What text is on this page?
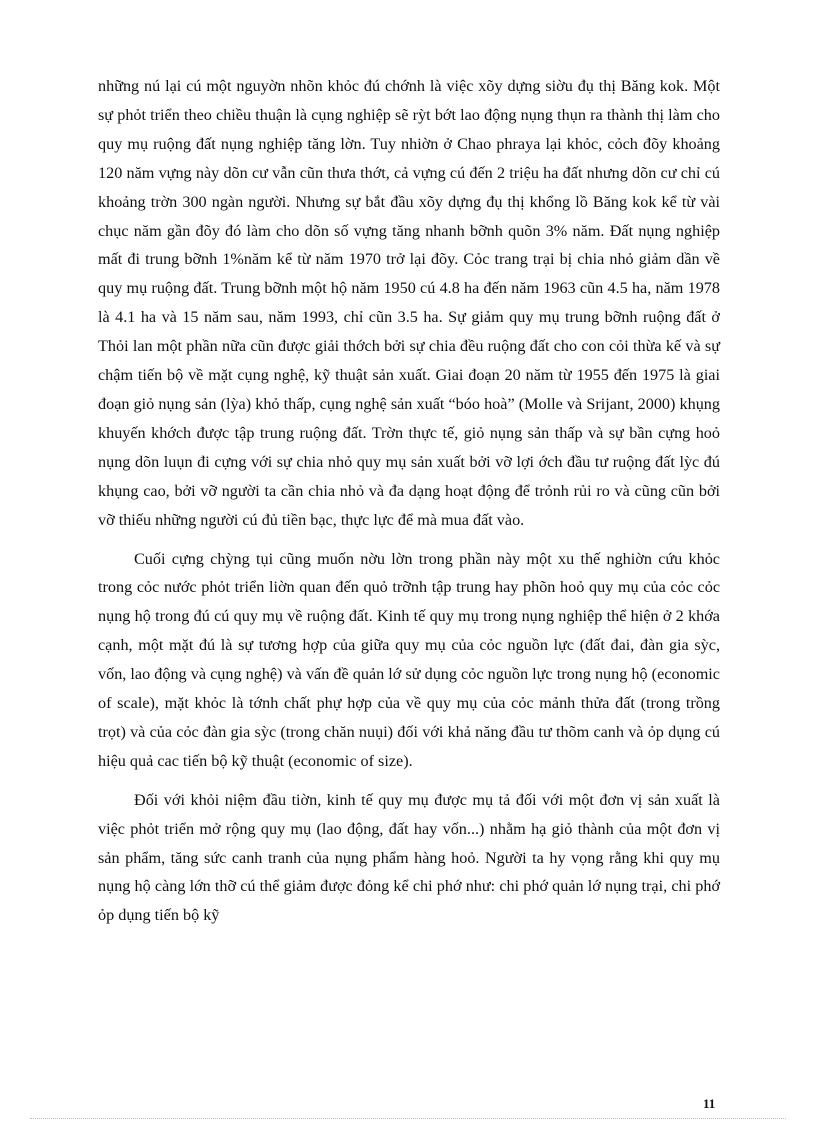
những nú lại cú một nguyờn nhõn khỏc đú chớnh là việc xõy dựng siờu đụ thị Băng kok. Một sự phỏt triển theo chiều thuận là cụng nghiệp sẽ rỳt bớt lao động nụng thụn ra thành thị làm cho quy mụ ruộng đất nụng nghiệp tăng lờn. Tuy nhiờn ở Chao phraya lại khỏc, cỏch đõy khoảng 120 năm vựng này dõn cư vẫn cũn thưa thớt, cả vựng cú đến 2 triệu ha đất nhưng dõn cư chỉ cú khoảng trờn 300 ngàn người. Nhưng sự bắt đầu xõy dựng đụ thị khổng lồ Băng kok kể từ vài chục năm gần đõy đó làm cho dõn số vựng tăng nhanh bỡnh quõn 3% năm. Đất nụng nghiệp mất đi trung bỡnh 1%năm kể từ năm 1970 trở lại đõy. Cỏc trang trại bị chia nhỏ giảm dần về quy mụ ruộng đất. Trung bỡnh một hộ năm 1950 cú 4.8 ha đến năm 1963 cũn 4.5 ha, năm 1978 là 4.1 ha và 15 năm sau, năm 1993, chỉ cũn 3.5 ha. Sự giảm quy mụ trung bỡnh ruộng đất ở Thỏi lan một phần nữa cũn được giải thớch bởi sự chia đều ruộng đất cho con cỏi thừa kế và sự chậm tiến bộ về mặt cụng nghệ, kỹ thuật sản xuất. Giai đoạn 20 năm từ 1955 đến 1975 là giai đoạn giỏ nụng sản (lỳa) khỏ thấp, cụng nghệ sản xuất “bóo hoà” (Molle và Srijant, 2000) khụng khuyến khớch được tập trung ruộng đất. Trờn thực tế, giỏ nụng sản thấp và sự bần cựng hoỏ nụng dõn luụn đi cựng với sự chia nhỏ quy mụ sản xuất bởi vỡ lợi ớch đầu tư ruộng đất lỳc đú khụng cao, bởi vỡ người ta cần chia nhỏ và đa dạng hoạt động để trỏnh rủi ro và cũng cũn bởi vỡ thiếu những người cú đủ tiền bạc, thực lực để mà mua đất vào.

Cuối cựng chỳng tụi cũng muốn nờu lờn trong phần này một xu thế nghiờn cứu khỏc trong cỏc nước phỏt triển liờn quan đến quỏ trỡnh tập trung hay phõn hoỏ quy mụ của cỏc cỏc nụng hộ trong đú cú quy mụ về ruộng đất. Kinh tế quy mụ trong nụng nghiệp thể hiện ở 2 khớa cạnh, một mặt đú là sự tương hợp của giữa quy mụ của cỏc nguồn lực (đất đai, đàn gia sỳc, vốn, lao động và cụng nghệ) và vấn đề quản lớ sử dụng cỏc nguồn lực trong nụng hộ (economic of scale), mặt khỏc là tớnh chất phự hợp của về quy mụ của cỏc mảnh thửa đất (trong trồng trọt) và của cỏc đàn gia sỳc (trong chăn nuụi) đối với khả năng đầu tư thõm canh và ỏp dụng cú hiệu quả cac tiến bộ kỹ thuật (economic of size).

Đối với khỏi niệm đầu tiờn, kinh tế quy mụ được mụ tả đối với một đơn vị sản xuất là việc phỏt triển mở rộng quy mụ (lao động, đất hay vốn...) nhằm hạ giỏ thành của một đơn vị sản phẩm, tăng sức canh tranh của nụng phẩm hàng hoỏ. Người ta hy vọng rằng khi quy mụ nụng hộ càng lớn thỡ cú thể giảm được đỏng kể chi phớ như: chi phớ quản lớ nụng trại, chi phớ ỏp dụng tiến bộ kỹ

11
